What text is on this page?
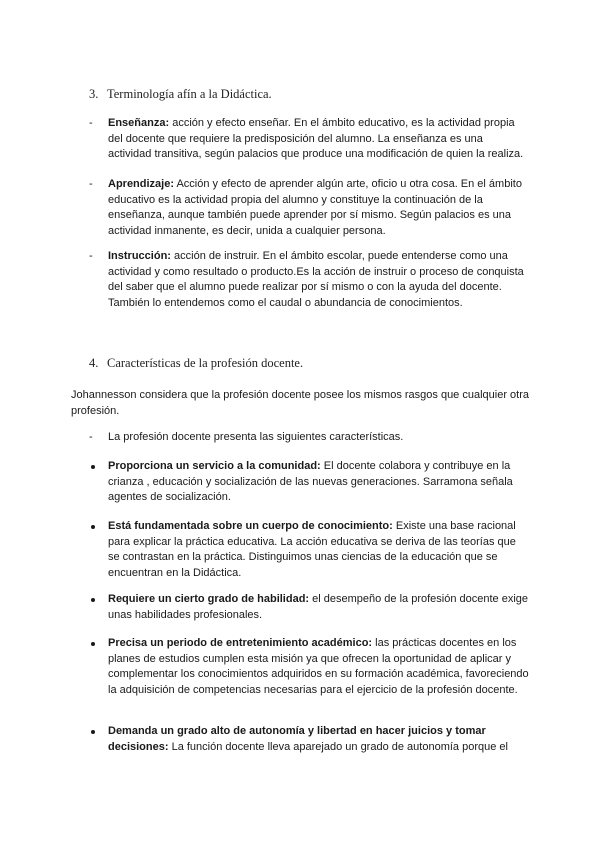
3. Terminología afín a la Didáctica.
-	Enseñanza: acción y efecto enseñar. En el ámbito educativo, es la actividad propia del docente que requiere la predisposición del alumno. La enseñanza es una actividad transitiva, según palacios que produce una modificación de quien la realiza.
-	Aprendizaje: Acción y efecto de aprender algún arte, oficio u otra cosa. En el ámbito educativo es la actividad propia del alumno y constituye la continuación de la enseñanza, aunque también puede aprender por sí mismo. Según palacios es una actividad inmanente, es decir, unida a cualquier persona.
-	Instrucción: acción de instruir. En el ámbito escolar, puede entenderse como una actividad y como resultado o producto.Es la acción de instruir o proceso de conquista del saber que el alumno puede realizar por sí mismo o con la ayuda del docente. También lo entendemos como el caudal o abundancia de conocimientos.
4. Características de la profesión docente.
Johannesson considera que la profesión docente posee los mismos rasgos que cualquier otra profesión.
-	La profesión docente presenta las siguientes características.
Proporciona un servicio a la comunidad: El docente colabora y contribuye en la crianza , educación y socialización de las nuevas generaciones. Sarramona señala agentes de socialización.
Está fundamentada sobre un cuerpo de conocimiento: Existe una base racional para explicar la práctica educativa. La acción educativa se deriva de las teorías que se contrastan en la práctica. Distinguimos unas ciencias de la educación que se encuentran en la Didáctica.
Requiere un cierto grado de habilidad: el desempeño de la profesión docente exige unas habilidades profesionales.
Precisa un periodo de entretenimiento académico: las prácticas docentes en los planes de estudios cumplen esta misión ya que ofrecen la oportunidad de aplicar y complementar los conocimientos adquiridos en su formación académica, favoreciendo la adquisición de competencias necesarias para el ejercicio de la profesión docente.
Demanda un grado alto de autonomía y libertad en hacer juicios y tomar decisiones: La función docente lleva aparejado un grado de autonomía porque el
